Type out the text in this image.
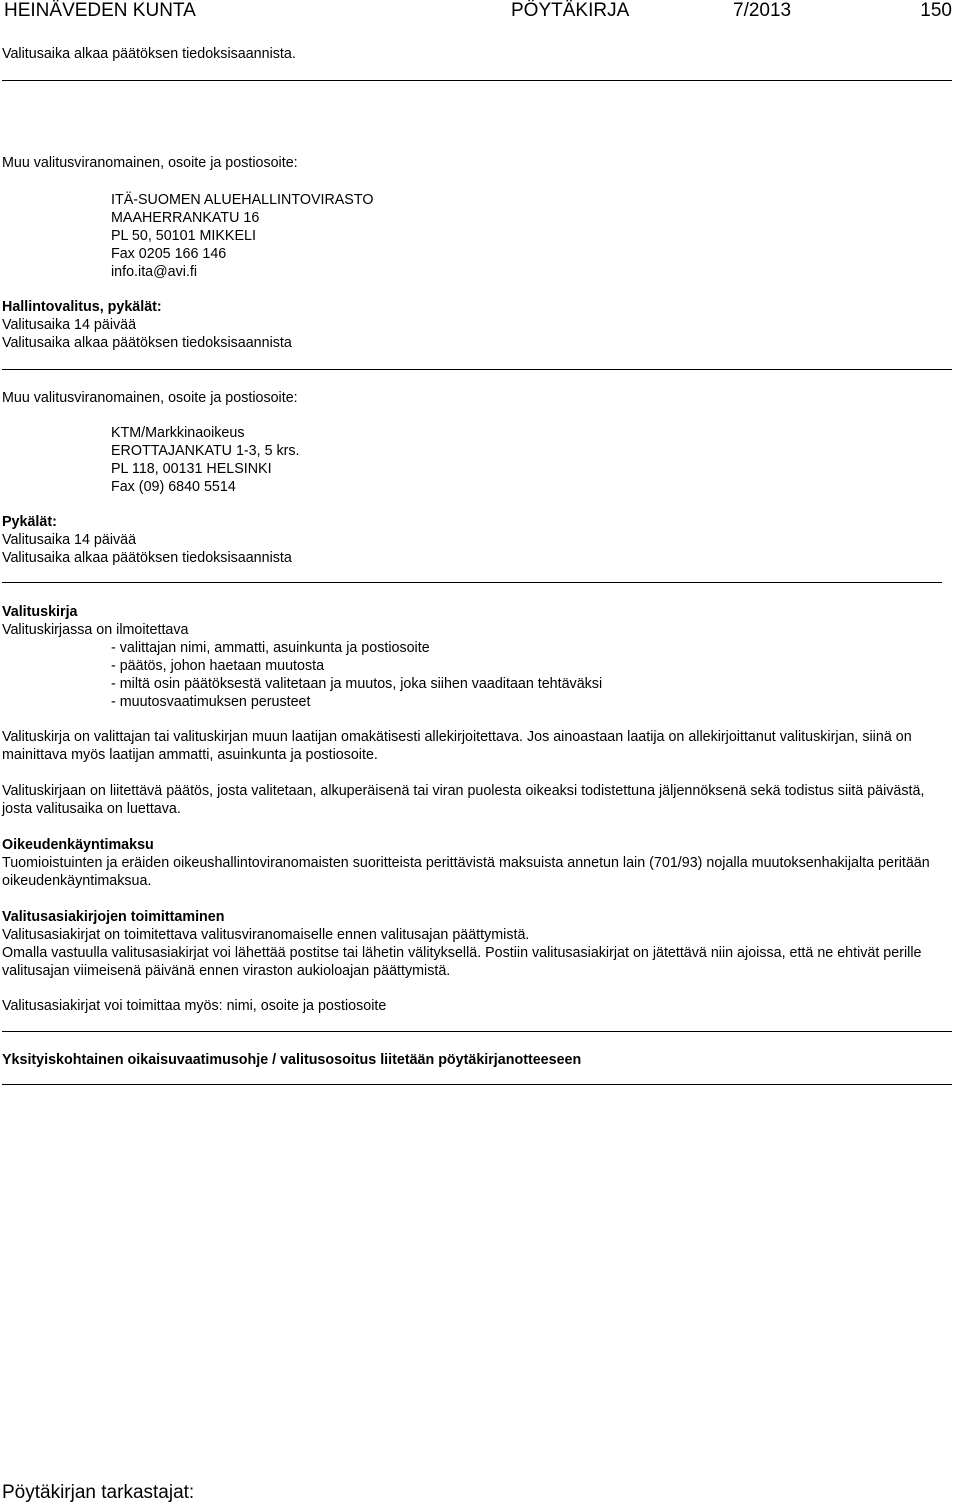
HEINÄVEDEN KUNTA	PÖYTÄKIRJA	7/2013	150
Valitusaika alkaa päätöksen tiedoksisaannista.
Muu valitusviranomainen, osoite ja postiosoite:
ITÄ-SUOMEN ALUEHALLINTOVIRASTO
MAAHERRANKATU 16
PL 50, 50101 MIKKELI
Fax 0205 166 146
info.ita@avi.fi
Hallintovalitus, pykälät:
Valitusaika 14 päivää
Valitusaika alkaa päätöksen tiedoksisaannista
Muu valitusviranomainen, osoite ja postiosoite:
KTM/Markkinaoikeus
EROTTAJANKATU 1-3, 5 krs.
PL 118, 00131 HELSINKI
Fax (09) 6840 5514
Pykälät:
Valitusaika 14 päivää
Valitusaika alkaa päätöksen tiedoksisaannista
Valituskirja
Valituskirjassa on ilmoitettava
- valittajan nimi, ammatti, asuinkunta ja postiosoite
- päätös, johon haetaan muutosta
- miltä osin päätöksestä valitetaan ja muutos, joka siihen vaaditaan tehtäväksi
- muutosvaatimuksen perusteet
Valituskirja on valittajan tai valituskirjan muun laatijan omakätisesti allekirjoitettava. Jos ainoastaan laatija on allekirjoittanut valituskirjan, siinä on mainittava myös laatijan ammatti, asuinkunta ja postiosoite.
Valituskirjaan on liitettävä päätös, josta valitetaan, alkuperäisenä tai viran puolesta oikeaksi todistettuna jäljennöksenä sekä todistus siitä päivästä, josta valitusaika on luettava.
Oikeudenkäyntimaksu
Tuomioistuinten ja eräiden oikeushallintoviranomaisten suoritteista perittävistä maksuista annetun lain (701/93) nojalla muutoksenhakijalta peritään oikeudenkäyntimaksua.
Valitusasiakirjojen toimittaminen
Valitusasiakirjat on toimitettava valitusviranomaiselle ennen valitusajan päättymistä.
Omalla vastuulla valitusasiakirjat voi lähettää postitse tai lähetin välityksellä. Postiin valitusasiakirjat on jätettävä niin ajoissa, että ne ehtivät perille valitusajan viimeisenä päivänä ennen viraston aukioloajan päättymistä.
Valitusasiakirjat voi toimittaa myös: nimi, osoite ja postiosoite
Yksityiskohtainen oikaisuvaatimusohje / valitusosoitus liitetään pöytäkirjanotteeseen
Pöytäkirjan tarkastajat:
